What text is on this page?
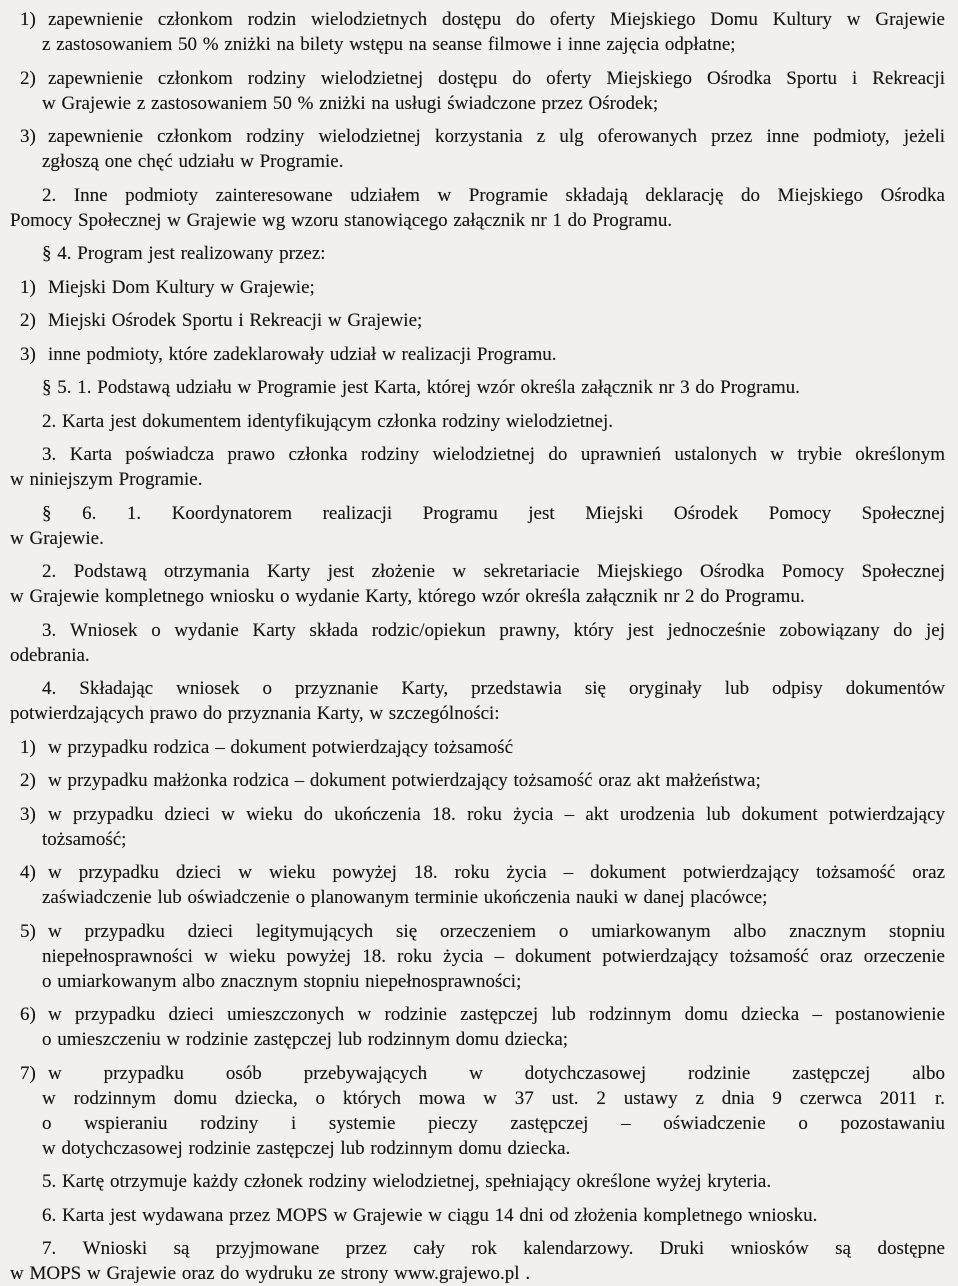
1) zapewnienie członkom rodzin wielodzietnych dostępu do oferty Miejskiego Domu Kultury w Grajewie
z zastosowaniem 50 % zniżki na bilety wstępu na seanse filmowe i inne zajęcia odpłatne;
2) zapewnienie członkom rodziny wielodzietnej dostępu do oferty Miejskiego Ośrodka Sportu i Rekreacji
w Grajewie z zastosowaniem 50 % zniżki na usługi świadczone przez Ośrodek;
3) zapewnienie członkom rodziny wielodzietnej korzystania z ulg oferowanych przez inne podmioty, jeżeli
zgłoszą one chęć udziału w Programie.
2. Inne podmioty zainteresowane udziałem w Programie składają deklarację do Miejskiego Ośrodka
Pomocy Społecznej w Grajewie wg wzoru stanowiącego załącznik nr 1 do Programu.
§ 4. Program jest realizowany przez:
1) Miejski Dom Kultury w Grajewie;
2) Miejski Ośrodek Sportu i Rekreacji w Grajewie;
3) inne podmioty, które zadeklarowały udział w realizacji Programu.
§ 5. 1. Podstawą udziału w Programie jest Karta, której wzór określa załącznik nr 3 do Programu.
2. Karta jest dokumentem identyfikującym członka rodziny wielodzietnej.
3. Karta poświadcza prawo członka rodziny wielodzietnej do uprawnień ustalonych w trybie określonym
w niniejszym Programie.
§ 6. 1. Koordynatorem realizacji Programu jest Miejski Ośrodek Pomocy Społecznej
w Grajewie.
2. Podstawą otrzymania Karty jest złożenie w sekretariacie Miejskiego Ośrodka Pomocy Społecznej
w Grajewie kompletnego wniosku o wydanie Karty, którego wzór określa załącznik nr 2 do Programu.
3. Wniosek o wydanie Karty składa rodzic/opiekun prawny, który jest jednocześnie zobowiązany do jej
odebrania.
4. Składając wniosek o przyznanie Karty, przedstawia się oryginały lub odpisy dokumentów
potwierdzających prawo do przyznania Karty, w szczególności:
1) w przypadku rodzica – dokument potwierdzający tożsamość
2) w przypadku małżonka rodzica – dokument potwierdzający tożsamość oraz akt małżeństwa;
3) w przypadku dzieci w wieku do ukończenia 18. roku życia – akt urodzenia lub dokument potwierdzający
tożsamość;
4) w przypadku dzieci w wieku powyżej 18. roku życia – dokument potwierdzający tożsamość oraz
zaświadczenie lub oświadczenie o planowanym terminie ukończenia nauki w danej placówce;
5) w przypadku dzieci legitymujących się orzeczeniem o umiarkowanym albo znacznym stopniu
niepełnosprawności w wieku powyżej 18. roku życia – dokument potwierdzający tożsamość oraz orzeczenie
o umiarkowanym albo znacznym stopniu niepełnosprawności;
6) w przypadku dzieci umieszczonych w rodzinie zastępczej lub rodzinnym domu dziecka – postanowienie
o umieszczeniu w rodzinie zastępczej lub rodzinnym domu dziecka;
7) w przypadku osób przebywających w dotychczasowej rodzinie zastępczej albo
w rodzinnym domu dziecka, o których mowa w 37 ust. 2 ustawy z dnia 9 czerwca 2011 r.
o wspieraniu rodziny i systemie pieczy zastępczej – oświadczenie o pozostawaniu
w dotychczasowej rodzinie zastępczej lub rodzinnym domu dziecka.
5. Kartę otrzymuje każdy członek rodziny wielodzietnej, spełniający określone wyżej kryteria.
6. Karta jest wydawana przez MOPS w Grajewie w ciągu 14 dni od złożenia kompletnego wniosku.
7. Wnioski są przyjmowane przez cały rok kalendarzowy. Druki wniosków są dostępne
w MOPS w Grajewie oraz do wydruku ze strony www.grajewo.pl .
